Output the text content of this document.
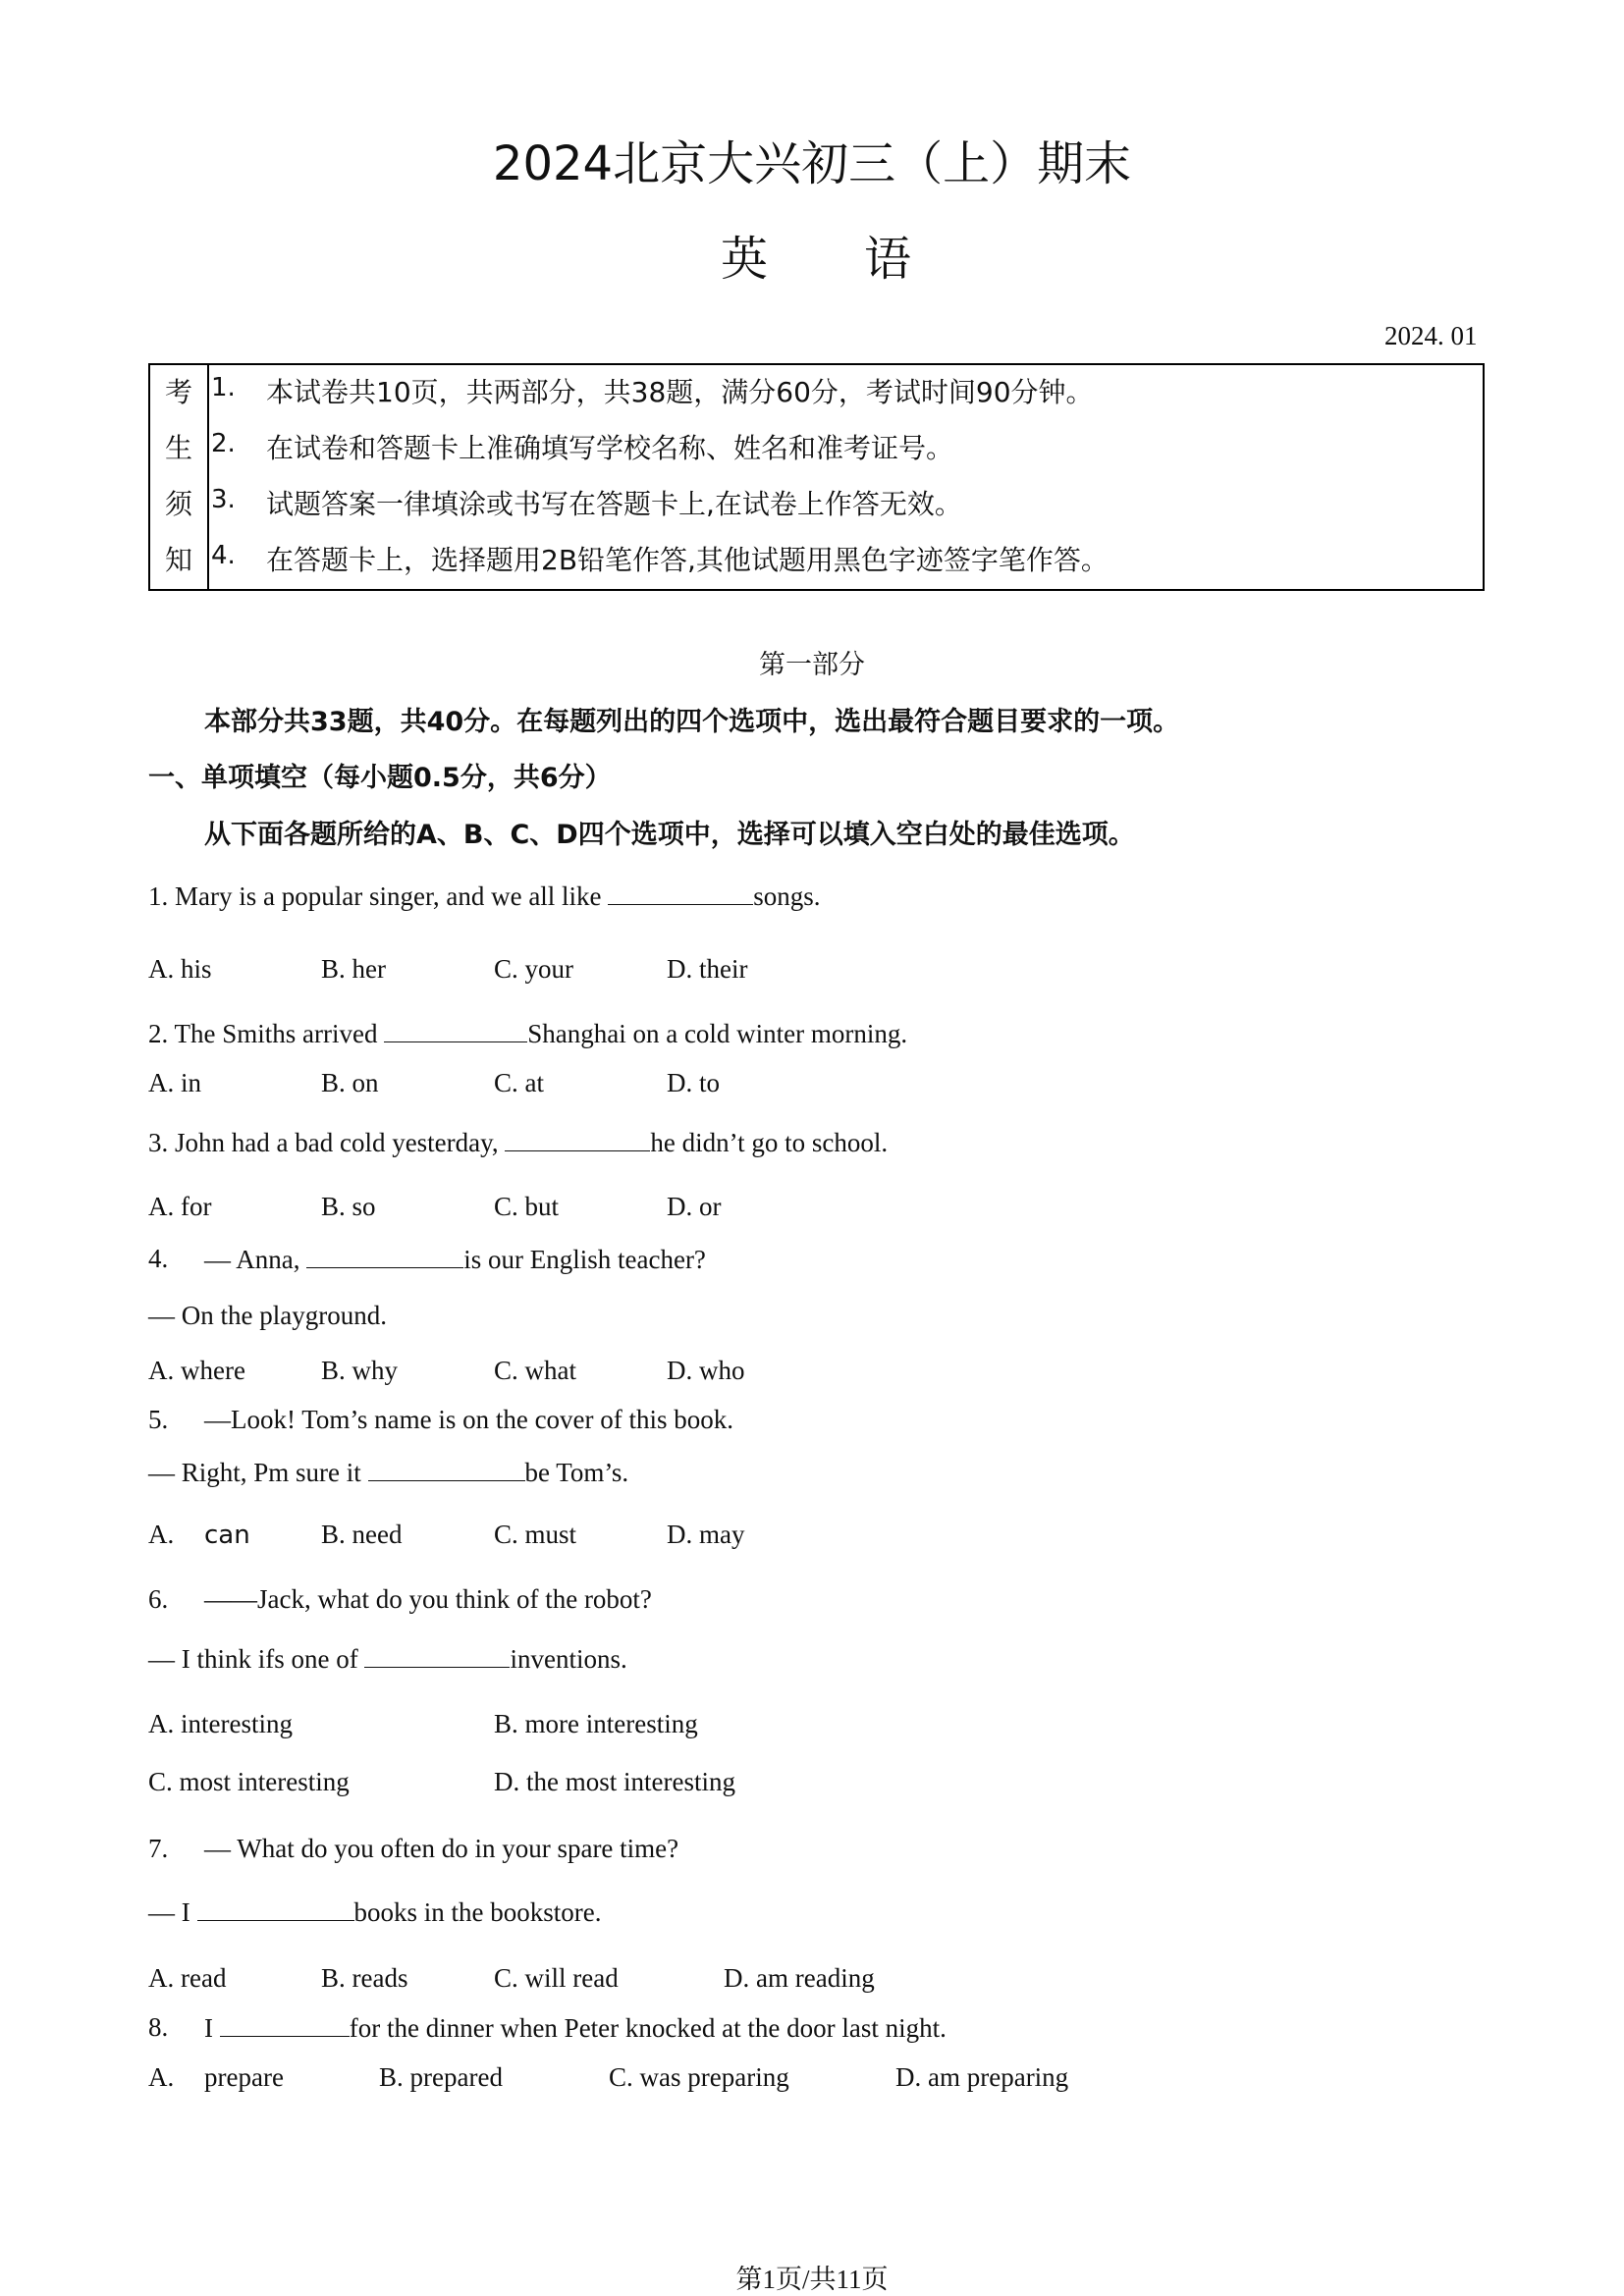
2024北京大兴初三（上）期末
英 语
2024. 01
考
生
须
知
1. 本试卷共10页，共两部分，共38题，满分60分，考试时间90分钟。
2. 在试卷和答题卡上准确填写学校名称、姓名和准考证号。
3. 试题答案一律填涂或书写在答题卡上,在试卷上作答无效。
4. 在答题卡上，选择题用2B铅笔作答,其他试题用黑色字迹签字笔作答。
第一部分
本部分共33题，共40分。在每题列出的四个选项中，选出最符合题目要求的一项。
一、单项填空（每小题0.5分，共6分）
从下面各题所给的A、B、C、D四个选项中，选择可以填入空白处的最佳选项。
1. Mary is a popular singer, and we all like	songs.
A. his	B. her	C. your	D. their
2. The Smiths arrived	Shanghai on a cold winter morning.
A. in	B. on	C. at	D. to
3. John had a bad cold yesterday,	he didn’t go to school.
A. for	B. so	C. but	D. or
4. — Anna,	is our English teacher?
— On the playground.
A. where	B. why	C. what	D. who
5. —Look! Tom’s name is on the cover of this book.
— Right, Pm sure it	be Tom’s.
A. can	B. need	C. must	D. may
6. ——Jack, what do you think of the robot?
— I think ifs one of	inventions.
A. interesting	B. more interesting
C. most interesting	D. the most interesting
7. — What do you often do in your spare time?
— I	books in the bookstore.
A. read	B. reads	C. will read	D. am reading
8. I	for the dinner when Peter knocked at the door last night.
A. prepare	B. prepared	C. was preparing	D. am preparing
第1页/共11页
